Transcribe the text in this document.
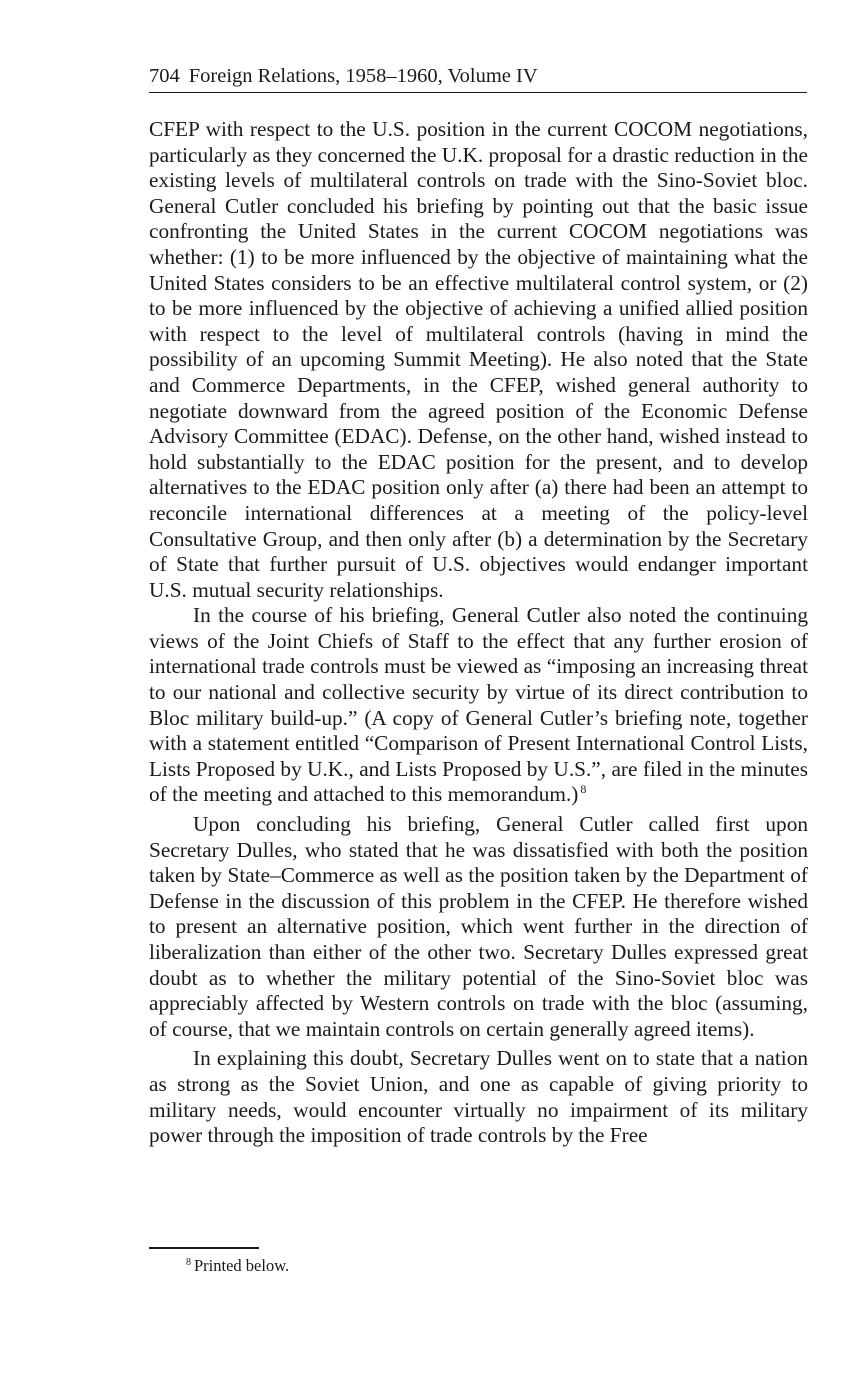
704 Foreign Relations, 1958–1960, Volume IV

CFEP with respect to the U.S. position in the current COCOM negotiations, particularly as they concerned the U.K. proposal for a drastic reduction in the existing levels of multilateral controls on trade with the Sino-Soviet bloc. General Cutler concluded his briefing by pointing out that the basic issue confronting the United States in the current COCOM negotiations was whether: (1) to be more influenced by the objective of maintaining what the United States considers to be an effective multilateral control system, or (2) to be more influenced by the objective of achieving a unified allied position with respect to the level of multilateral controls (having in mind the possibility of an upcoming Summit Meeting). He also noted that the State and Commerce Departments, in the CFEP, wished general authority to negotiate downward from the agreed position of the Economic Defense Advisory Committee (EDAC). Defense, on the other hand, wished instead to hold substantially to the EDAC position for the present, and to develop alternatives to the EDAC position only after (a) there had been an attempt to reconcile international differences at a meeting of the policy-level Consultative Group, and then only after (b) a determination by the Secretary of State that further pursuit of U.S. objectives would endanger important U.S. mutual security relationships.

In the course of his briefing, General Cutler also noted the continuing views of the Joint Chiefs of Staff to the effect that any further erosion of international trade controls must be viewed as “imposing an increasing threat to our national and collective security by virtue of its direct contribution to Bloc military build-up.” (A copy of General Cutler’s briefing note, together with a statement entitled “Comparison of Present International Control Lists, Lists Proposed by U.K., and Lists Proposed by U.S.”, are filed in the minutes of the meeting and attached to this memorandum.) $^8$

Upon concluding his briefing, General Cutler called first upon Secretary Dulles, who stated that he was dissatisfied with both the position taken by State–Commerce as well as the position taken by the Department of Defense in the discussion of this problem in the CFEP. He therefore wished to present an alternative position, which went further in the direction of liberalization than either of the other two. Secretary Dulles expressed great doubt as to whether the military potential of the Sino-Soviet bloc was appreciably affected by Western controls on trade with the bloc (assuming, of course, that we maintain controls on certain generally agreed items).

In explaining this doubt, Secretary Dulles went on to state that a nation as strong as the Soviet Union, and one as capable of giving priority to military needs, would encounter virtually no impairment of its military power through the imposition of trade controls by the Free

$^8$ Printed below.
